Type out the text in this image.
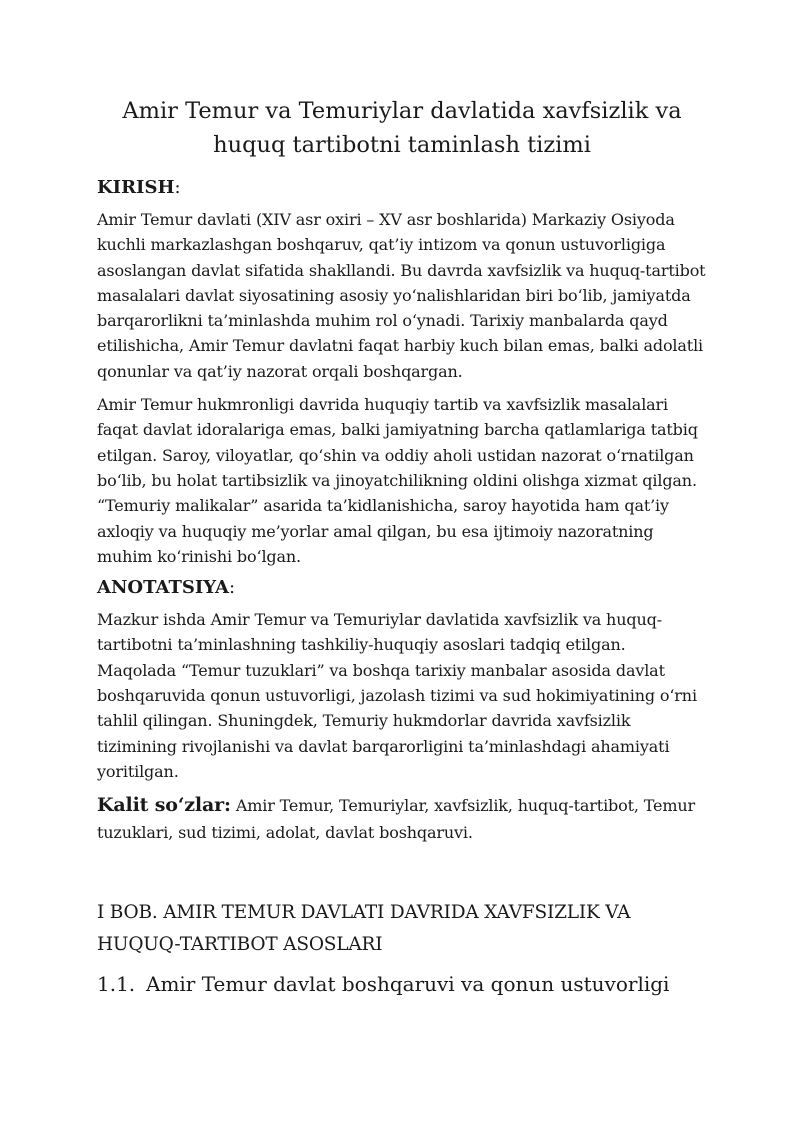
Amir Temur va Temuriylar davlatida xavfsizlik va huquq tartibotni taminlash tizimi
KIRISH:

Amir Temur davlati (XIV asr oxiri – XV asr boshlarida) Markaziy Osiyoda kuchli markazlashgan boshqaruv, qat’iy intizom va qonun ustuvorligiga asoslangan davlat sifatida shakllandi. Bu davrda xavfsizlik va huquq-tartibot masalalari davlat siyosatining asosiy yo‘nalishlaridan biri bo‘lib, jamiyatda barqarorlikni ta’minlashda muhim rol o‘ynadi. Tarixiy manbalarda qayd etilishicha, Amir Temur davlatni faqat harbiy kuch bilan emas, balki adolatli qonunlar va qat’iy nazorat orqali boshqargan.

Amir Temur hukmronligi davrida huquqiy tartib va xavfsizlik masalalari faqat davlat idoralariga emas, balki jamiyatning barcha qatlamlariga tatbiq etilgan. Saroy, viloyatlar, qo‘shin va oddiy aholi ustidan nazorat o‘rnatilgan bo‘lib, bu holat tartibsizlik va jinoyatchilikning oldini olishga xizmat qilgan. “Temuriy malikalar” asarida ta’kidlanishicha, saroy hayotida ham qat’iy axloqiy va huquqiy me’yorlar amal qilgan, bu esa ijtimoiy nazoratning muhim ko‘rinishi bo‘lgan.

ANOTATSIYA:

Mazkur ishda Amir Temur va Temuriylar davlatida xavfsizlik va huquq-tartibotni ta’minlashning tashkiliy-huquqiy asoslari tadqiq etilgan. Maqolada “Temur tuzuklari” va boshqa tarixiy manbalar asosida davlat boshqaruvida qonun ustuvorligi, jazolash tizimi va sud hokimiyatining o‘rni tahlil qilingan. Shuningdek, Temuriy hukmdorlar davrida xavfsizlik tizimining rivojlanishi va davlat barqarorligini ta’minlashdagi ahamiyati yoritilgan.

Kalit so‘zlar: Amir Temur, Temuriylar, xavfsizlik, huquq-tartibot, Temur tuzuklari, sud tizimi, adolat, davlat boshqaruvi.

I BOB. AMIR TEMUR DAVLATI DAVRIDA XAVFSIZLIK VA HUQUQ-TARTIBOT ASOSLARI
1.1. Amir Temur davlat boshqaruvi va qonun ustuvorligi
